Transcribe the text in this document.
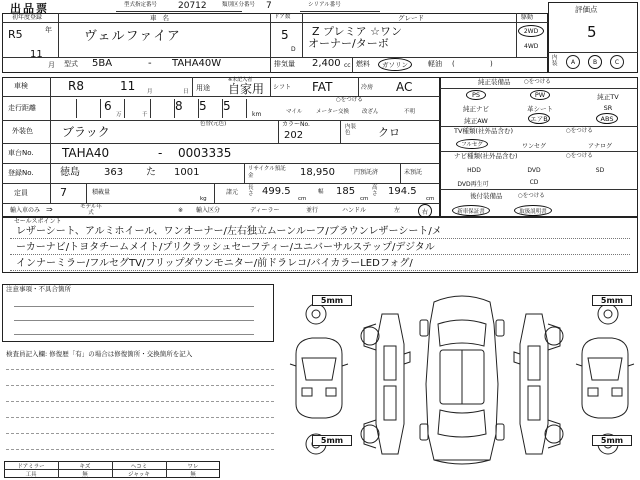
出品票	型式指定番号 20712	類別区分番号 7	シリアル番号
初年度登録
R5	年
11
月
車名
ヴェルファイア
ドア数
5
D
グレード
Z プレミア ☆ワン
オーナー/ターボ
駆動
2WD
4WD
型式 5BA	- TAHA40W	排気量 2,400 cc 燃料 ガソリン	軽油 (	)
評価点
5
内装 A	B	C
車検	R8	11 月	日
※未記入者
用途 自家用 シフト FAT	冷房 AC
走行距離	6
万
8
千
5 5
km
○をつける
マイル メーター交換 改ざん	不明
外装色 ブラック
色替(元色)	カラーNo.
202
内装色	クロ
車台No. TAHA40	- 0003335
登録No.	徳島 363 た 1001	リサイクル預託金	18,950	円預託済	未預託
定員	7	積載量
kg
諸元
長さ 499.5
cm
幅 185
cm
高さ 194.5
cm
輸入車のみ ⇒	モデル年式	※ 輸入区分	ディーラー	並行	ハンドル	左	右
純正装備品 ○をつける
PS	PW	純正TV
純正ナビ	革シート	SR
純正AW	エアB	ABS
TV種類(社外品含む)	○をつける
フルセグ	ワンセグ	アナログ
ナビ種類(社外品含む)	○をつける
HDD	DVD	SD
DVD再生可	CD
後付装備品	○をつける
新車保証書	取扱説明書
セールスポイント
レザーシート、アルミホイール、ワンオーナー/左右独立ムーンルーフ/ブラウンレザーシート/メ
ーカーナビ/トヨタチームメイト/プリクラッシュセーフティー/ユニバーサルステップ/デジタル
インナーミラー/フルセグTV/フリップダウンモニター/前ドラレコ/バイカラーLEDフォグ/
注意事項・不具合箇所
検査員記入欄: 修復歴「有」の場合は修復箇所・交換箇所を記入
ドアミラー	キズ	ヘコミ	ワレ
工具	無	ジャッキ	無
5mm	5mm
5mm	5mm
